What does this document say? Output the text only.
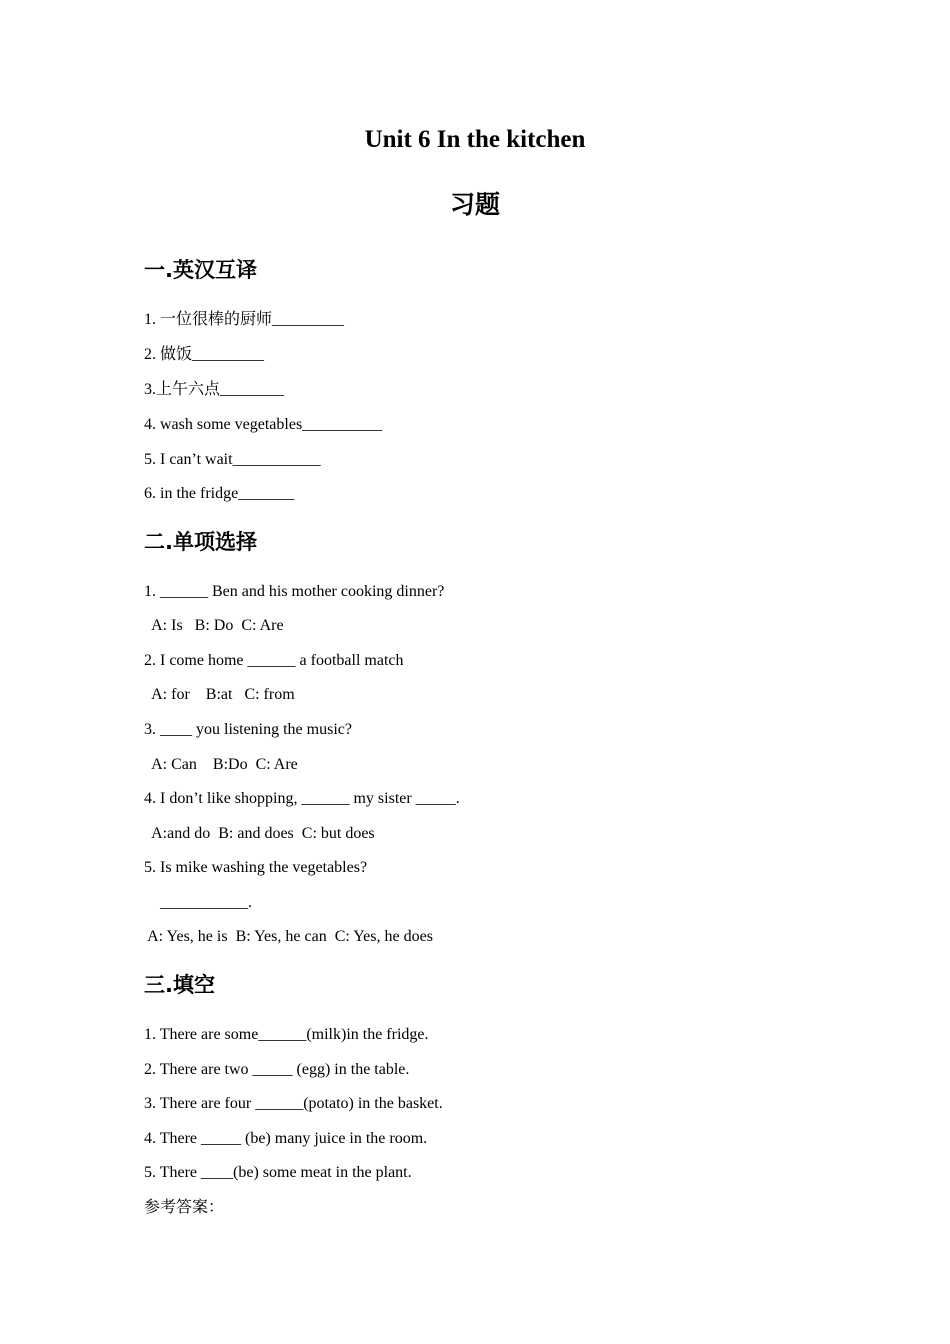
Unit 6 In the kitchen
习题
一.英汉互译
1. 一位很棒的厨师_________
2. 做饭_________
3.上午六点________
4. wash some vegetables__________
5. I can’t wait___________
6. in the fridge_______
二.单项选择
1. ______ Ben and his mother cooking dinner?
A: Is   B: Do  C: Are
2. I come home ______ a football match
A: for    B:at   C: from
3. ____ you listening the music?
A: Can    B:Do  C: Are
4. I don’t like shopping, ______ my sister _____.
A:and do  B: and does  C: but does
5. Is mike washing the vegetables?
___________.
A: Yes, he is  B: Yes, he can  C: Yes, he does
三.填空
1. There are some______(milk)in the fridge.
2. There are two _____ (egg) in the table.
3. There are four ______(potato) in the basket.
4. There _____ (be) many juice in the room.
5. There ____(be) some meat in the plant.
参考答案：
